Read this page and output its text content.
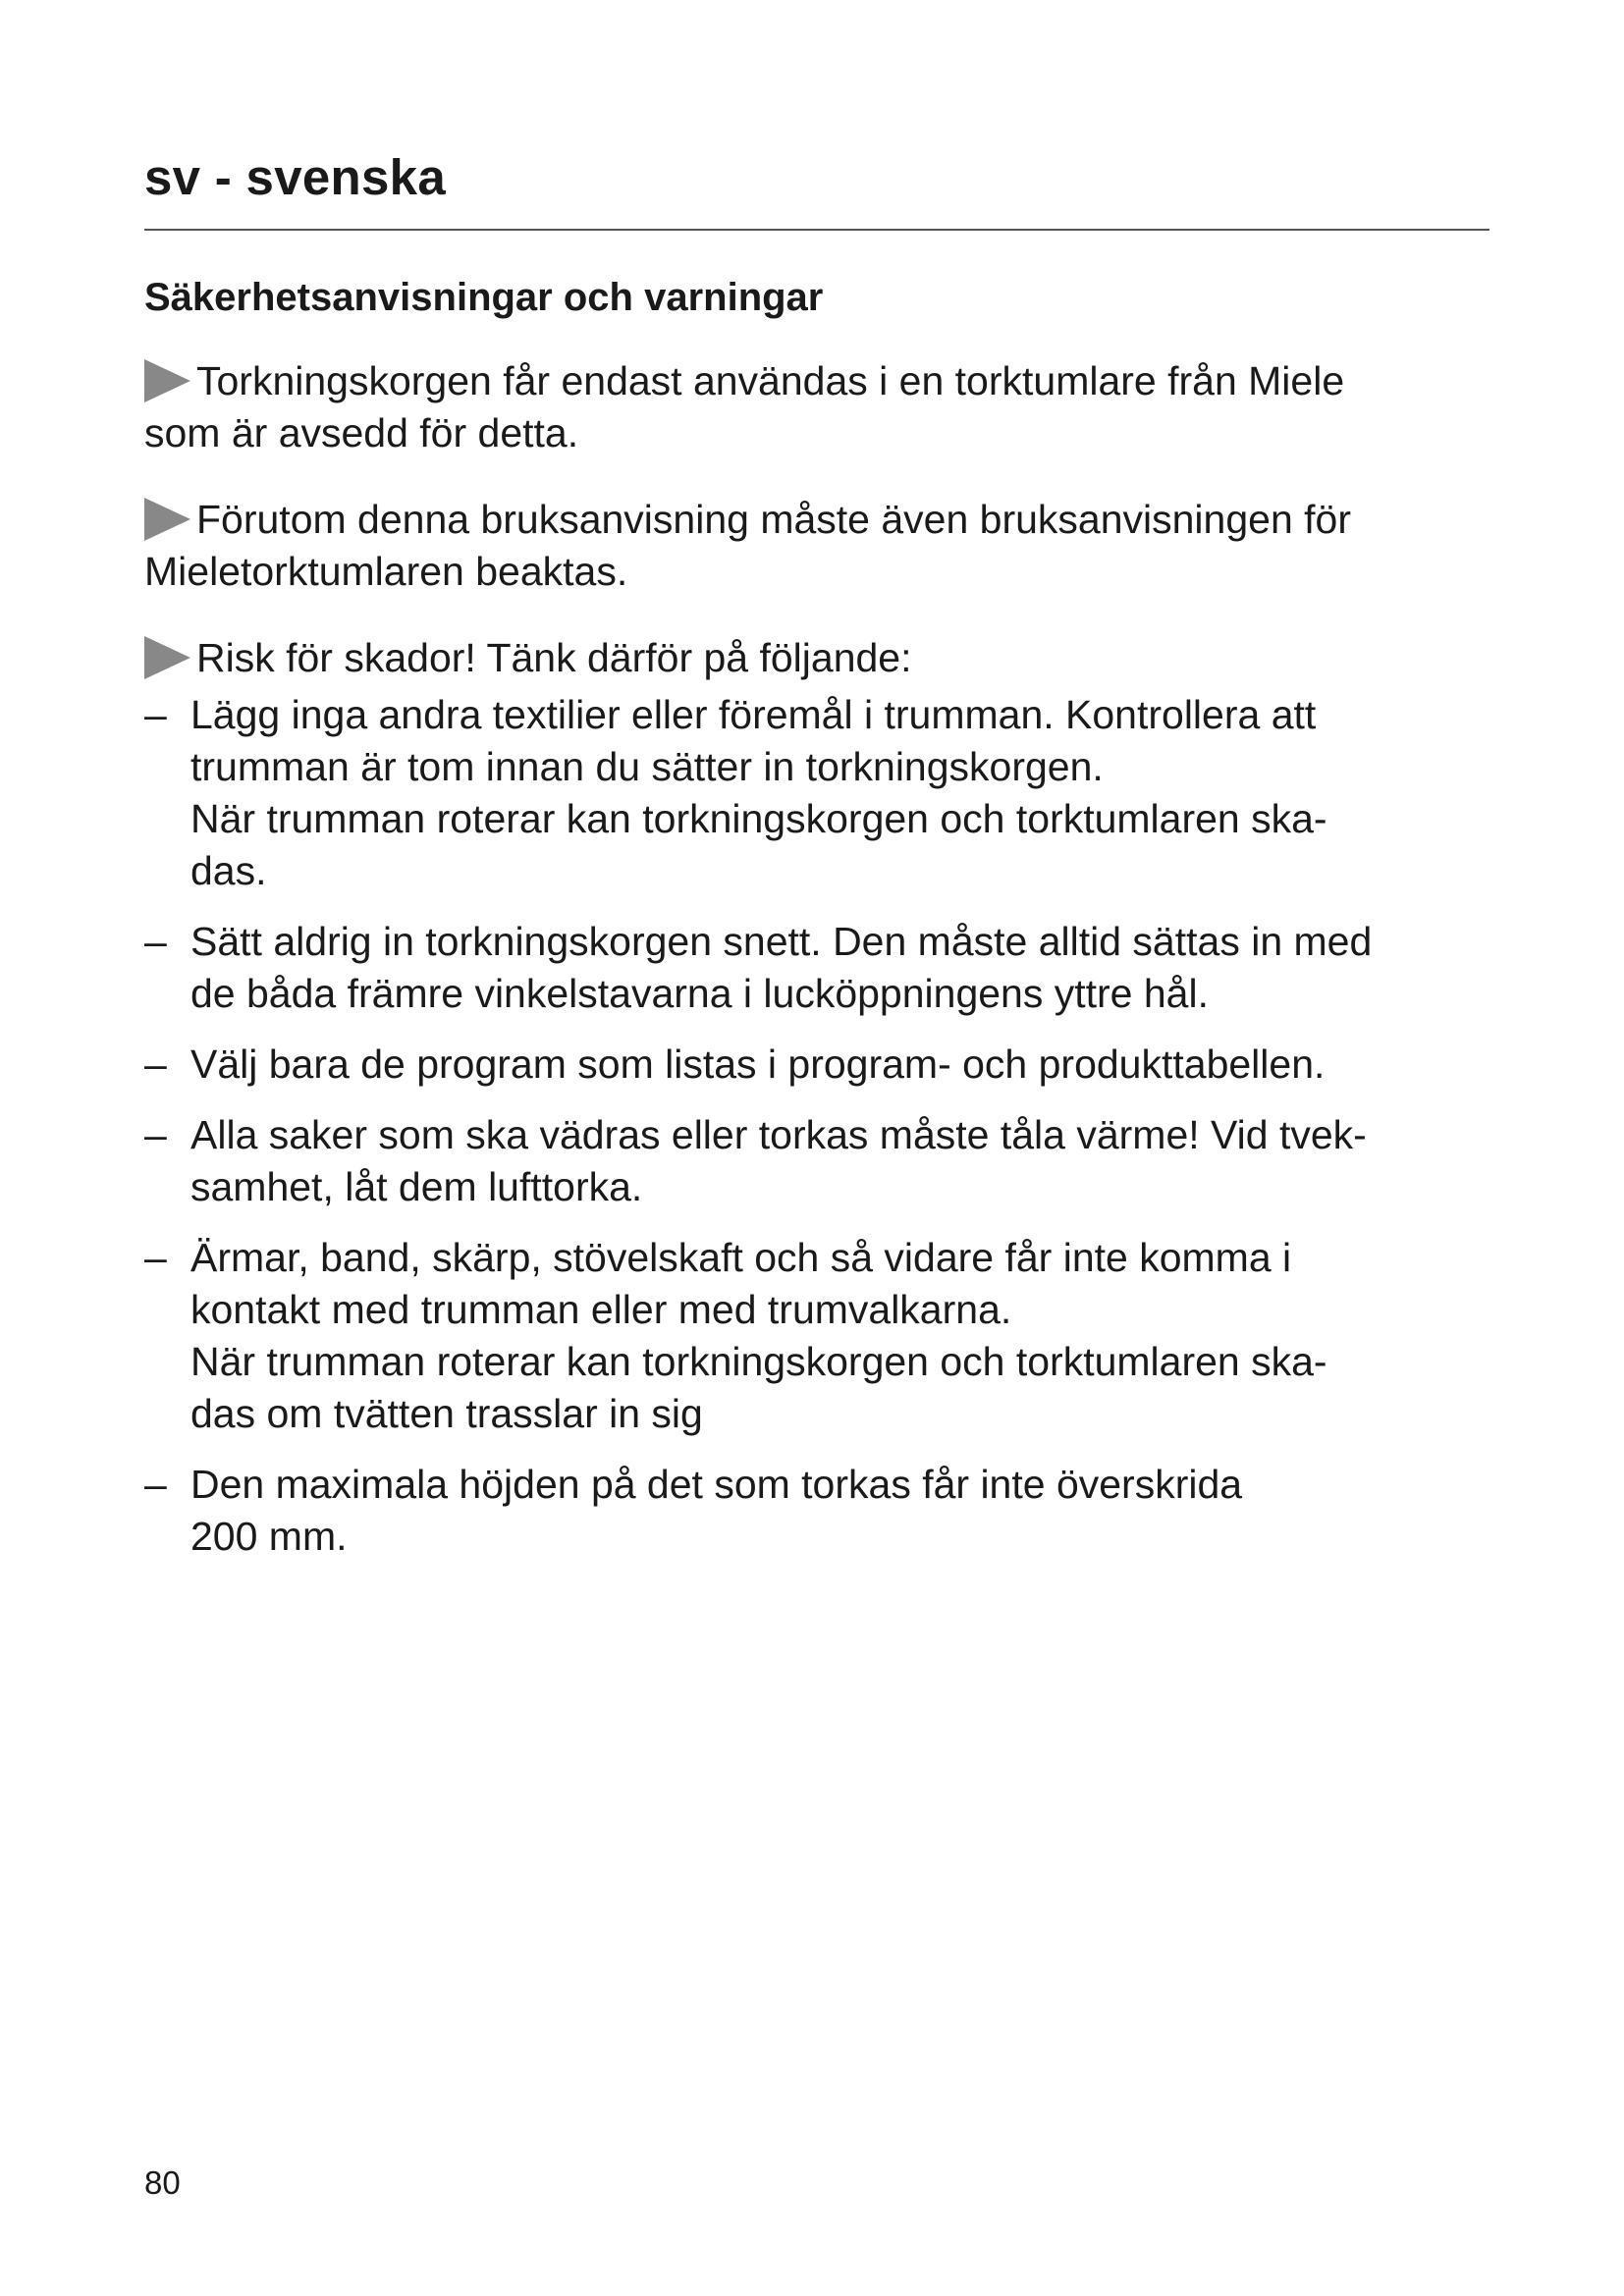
sv - svenska
Säkerhetsanvisningar och varningar

Torkningskorgen får endast användas i en torktumlare från Miele
som är avsedd för detta.

Förutom denna bruksanvisning måste även bruksanvisningen för
Mieletorktumlaren beaktas.

Risk för skador! Tänk därför på följande:

– Lägg inga andra textilier eller föremål i trumman. Kontrollera att
trumman är tom innan du sätter in torkningskorgen.
När trumman roterar kan torkningskorgen och torktumlaren ska-
das.
– Sätt aldrig in torkningskorgen snett. Den måste alltid sättas in med
de båda främre vinkelstavarna i lucköppningens yttre hål.
– Välj bara de program som listas i program- och produkttabellen.
– Alla saker som ska vädras eller torkas måste tåla värme! Vid tvek-
samhet, låt dem lufttorka.
– Ärmar, band, skärp, stövelskaft och så vidare får inte komma i
kontakt med trumman eller med trumvalkarna.
När trumman roterar kan torkningskorgen och torktumlaren ska-
das om tvätten trasslar in sig
– Den maximala höjden på det som torkas får inte överskrida
200 mm.
80
